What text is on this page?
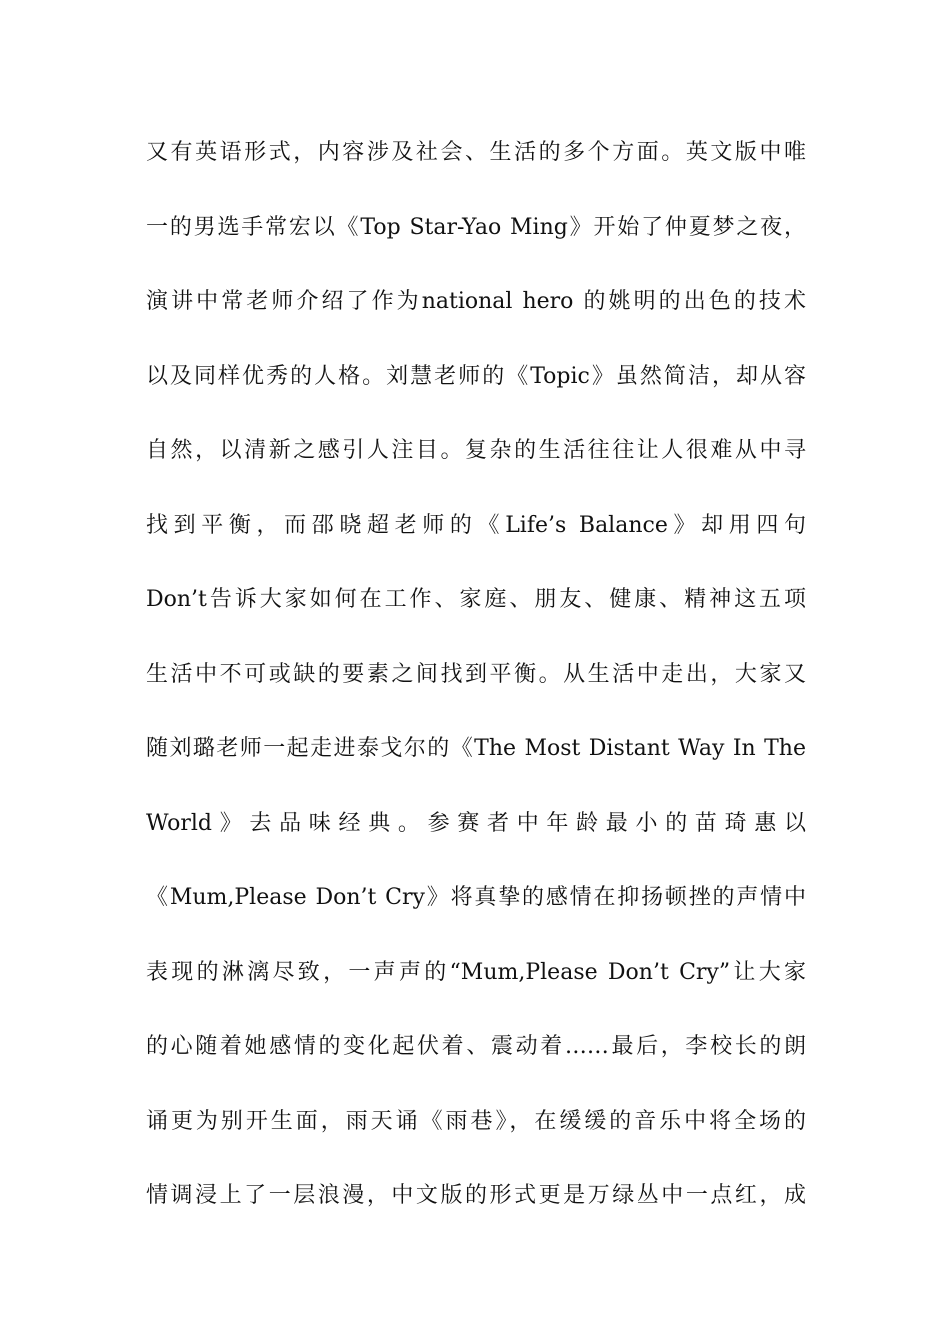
又有英语形式，内容涉及社会、生活的多个方面。英文版中唯
一的男选手常宏以《Top Star-Yao Ming》开始了仲夏梦之夜，
演讲中常老师介绍了作为national hero 的姚明的出色的技术
以及同样优秀的人格。刘慧老师的《Topic》虽然简洁，却从容
自然，以清新之感引人注目。复杂的生活往往让人很难从中寻
找到平衡，而邵晓超老师的《Life’s Balance》却用四句
Don’t告诉大家如何在工作、家庭、朋友、健康、精神这五项
生活中不可或缺的要素之间找到平衡。从生活中走出，大家又
随刘璐老师一起走进泰戈尔的《The Most Distant Way In The
World》去品味经典。参赛者中年龄最小的苗琦惠以
《Mum,Please Don’t Cry》将真挚的感情在抑扬顿挫的声情中
表现的淋漓尽致，一声声的“Mum,Please Don’t Cry”让大家
的心随着她感情的变化起伏着、震动着……最后，李校长的朗
诵更为别开生面，雨天诵《雨巷》，在缓缓的音乐中将全场的
情调浸上了一层浪漫，中文版的形式更是万绿丛中一点红，成
